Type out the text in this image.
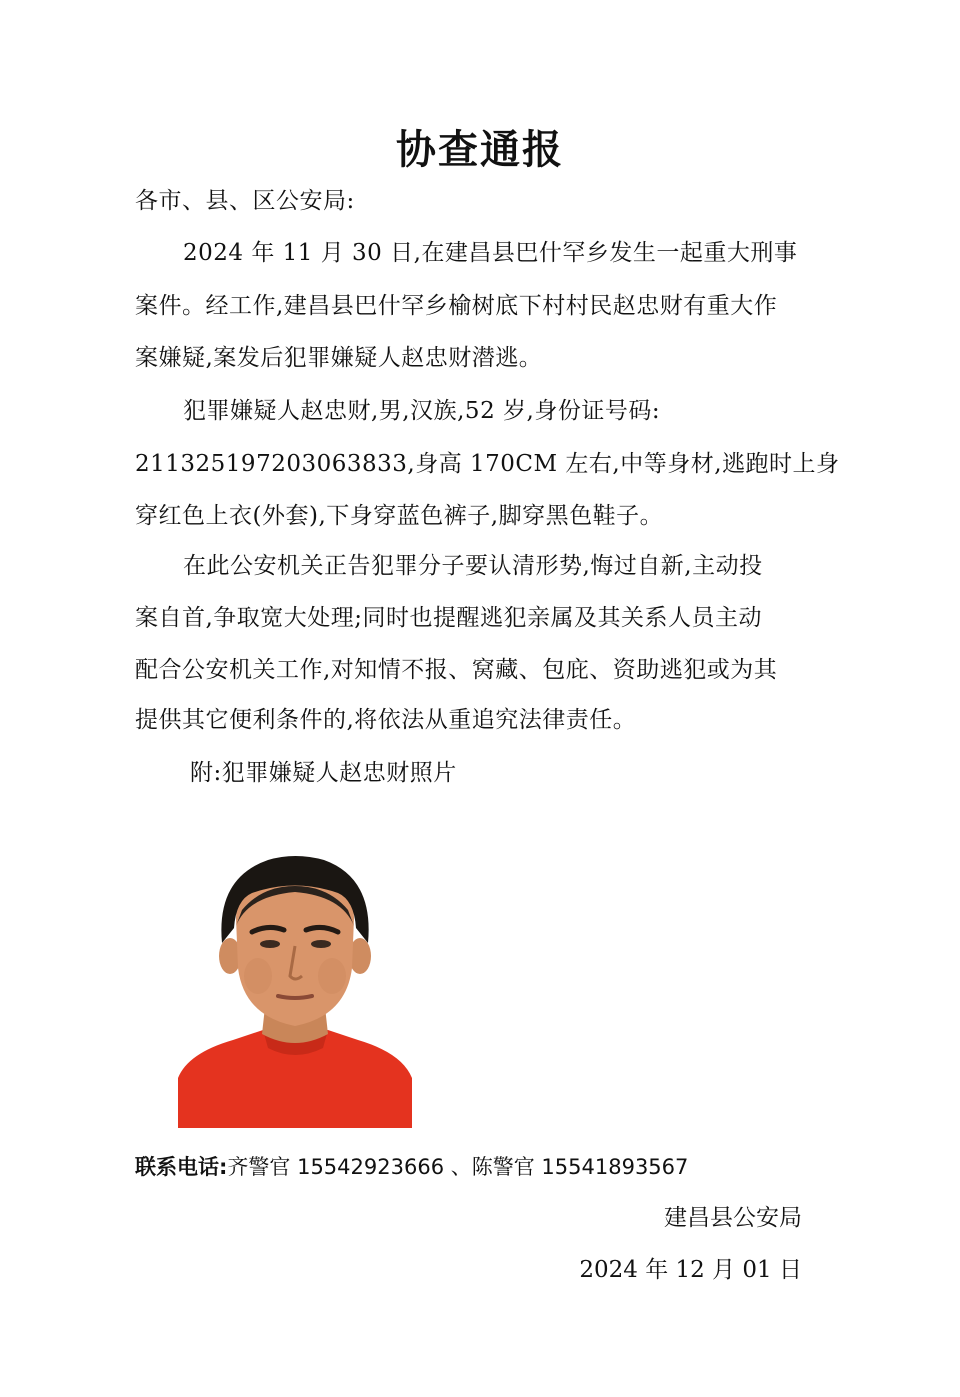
协查通报
各市、县、区公安局:
2024 年 11 月 30 日,在建昌县巴什罕乡发生一起重大刑事
案件。经工作,建昌县巴什罕乡榆树底下村村民赵忠财有重大作
案嫌疑,案发后犯罪嫌疑人赵忠财潜逃。
犯罪嫌疑人赵忠财,男,汉族,52 岁,身份证号码:
211325197203063833,身高 170CM 左右,中等身材,逃跑时上身
穿红色上衣(外套),下身穿蓝色裤子,脚穿黑色鞋子。
在此公安机关正告犯罪分子要认清形势,悔过自新,主动投
案自首,争取宽大处理;同时也提醒逃犯亲属及其关系人员主动
配合公安机关工作,对知情不报、窝藏、包庇、资助逃犯或为其
提供其它便利条件的,将依法从重追究法律责任。
附:犯罪嫌疑人赵忠财照片
联系电话:齐警官 15542923666 、陈警官 15541893567
建昌县公安局
2024 年 12 月 01 日
